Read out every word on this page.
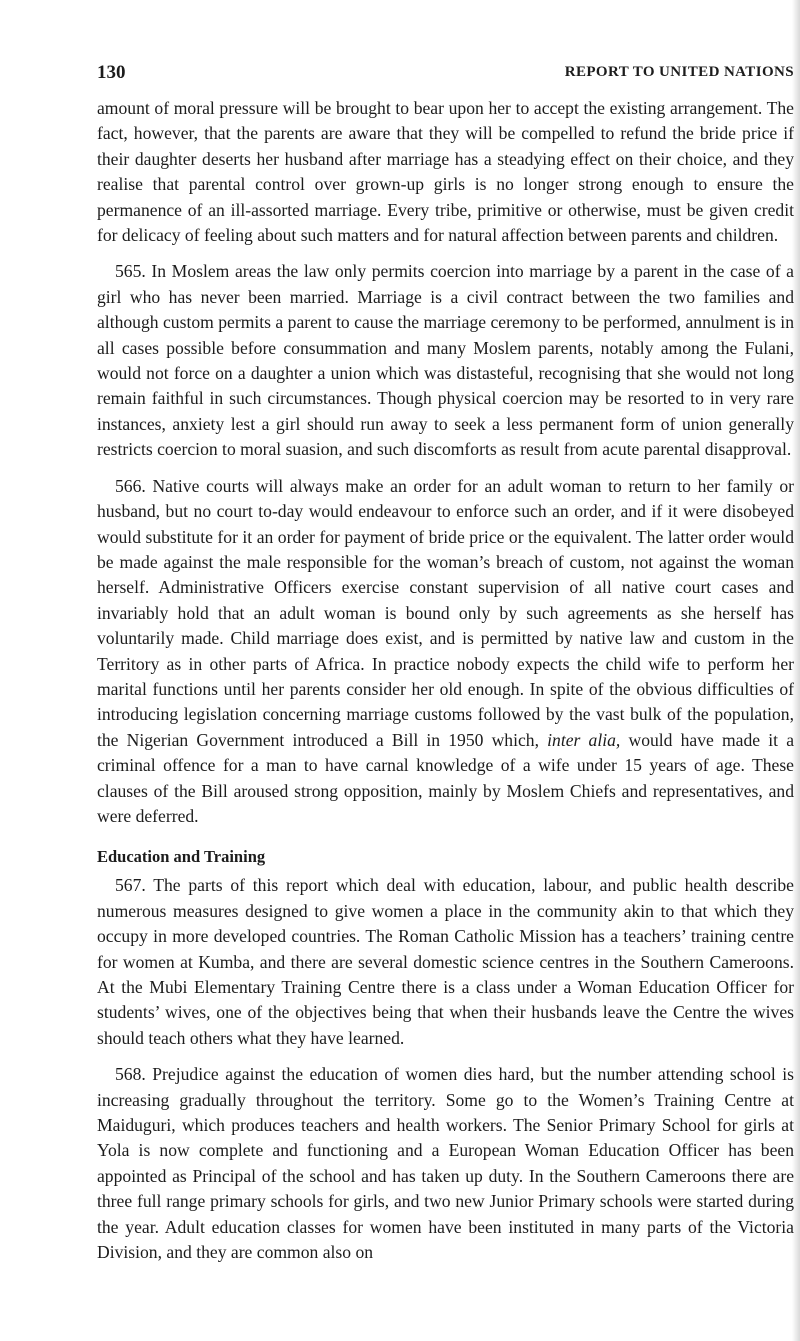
130	REPORT TO UNITED NATIONS

amount of moral pressure will be brought to bear upon her to accept the existing arrangement. The fact, however, that the parents are aware that they will be compelled to refund the bride price if their daughter deserts her husband after marriage has a steadying effect on their choice, and they realise that parental control over grown-up girls is no longer strong enough to ensure the permanence of an ill-assorted marriage. Every tribe, primitive or otherwise, must be given credit for delicacy of feeling about such matters and for natural affection between parents and children.

565. In Moslem areas the law only permits coercion into marriage by a parent in the case of a girl who has never been married. Marriage is a civil contract between the two families and although custom permits a parent to cause the marriage ceremony to be performed, annulment is in all cases possible before consummation and many Moslem parents, notably among the Fulani, would not force on a daughter a union which was distasteful, recognising that she would not long remain faithful in such circumstances. Though physical coercion may be resorted to in very rare instances, anxiety lest a girl should run away to seek a less permanent form of union generally restricts coercion to moral suasion, and such discomforts as result from acute parental disapproval.

566. Native courts will always make an order for an adult woman to return to her family or husband, but no court to-day would endeavour to enforce such an order, and if it were disobeyed would substitute for it an order for payment of bride price or the equivalent. The latter order would be made against the male responsible for the woman’s breach of custom, not against the woman herself. Administrative Officers exercise constant supervision of all native court cases and invariably hold that an adult woman is bound only by such agreements as she herself has voluntarily made. Child marriage does exist, and is permitted by native law and custom in the Territory as in other parts of Africa. In practice nobody expects the child wife to perform her marital functions until her parents consider her old enough. In spite of the obvious difficulties of introducing legislation concerning marriage customs followed by the vast bulk of the population, the Nigerian Government introduced a Bill in 1950 which, inter alia, would have made it a criminal offence for a man to have carnal knowledge of a wife under 15 years of age. These clauses of the Bill aroused strong opposition, mainly by Moslem Chiefs and representatives, and were deferred.

Education and Training

567. The parts of this report which deal with education, labour, and public health describe numerous measures designed to give women a place in the community akin to that which they occupy in more developed countries. The Roman Catholic Mission has a teachers’ training centre for women at Kumba, and there are several domestic science centres in the Southern Cameroons. At the Mubi Elementary Training Centre there is a class under a Woman Education Officer for students’ wives, one of the objectives being that when their husbands leave the Centre the wives should teach others what they have learned.

568. Prejudice against the education of women dies hard, but the number attending school is increasing gradually throughout the territory. Some go to the Women’s Training Centre at Maiduguri, which produces teachers and health workers. The Senior Primary School for girls at Yola is now complete and functioning and a European Woman Education Officer has been appointed as Principal of the school and has taken up duty. In the Southern Cameroons there are three full range primary schools for girls, and two new Junior Primary schools were started during the year. Adult education classes for women have been instituted in many parts of the Victoria Division, and they are common also on
